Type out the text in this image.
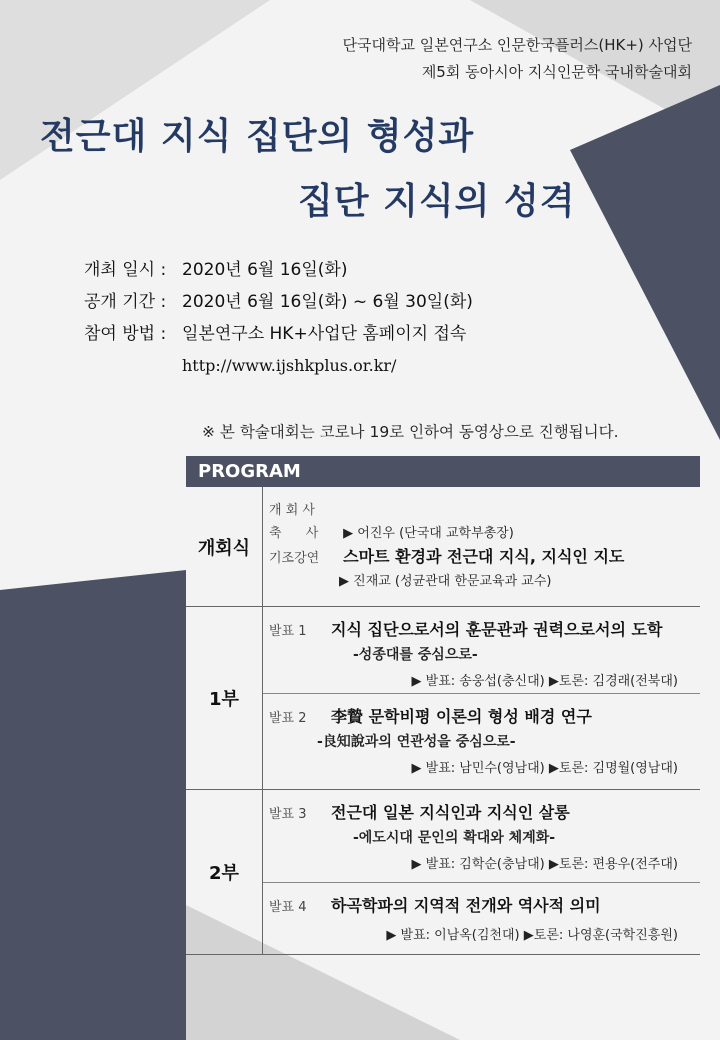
단국대학교 일본연구소 인문한국플러스(HK+) 사업단
제5회 동아시아 지식인문학 국내학술대회
전근대 지식 집단의 형성과
집단 지식의 성격
개최 일시 : 2020년 6월 16일(화)
공개 기간 : 2020년 6월 16일(화) ~ 6월 30일(화)
참여 방법 : 일본연구소 HK+사업단 홈페이지 접속
http://www.ijshkplus.or.kr/
※ 본 학술대회는 코로나 19로 인하여 동영상으로 진행됩니다.
PROGRAM
개회식
개 회 사
축 사 ▶ 어진우 (단국대 교학부총장)
기조강연 스마트 환경과 전근대 지식, 지식인 지도
▶ 진재교 (성균관대 한문교육과 교수)
1부
발표 1	지식 집단으로서의 훈문관과 권력으로서의 도학
-성종대를 중심으로-
▶ 발표: 송웅섭(충신대) ▶토론: 김경래(전북대)
발표 2	李贄 문학비평 이론의 형성 배경 연구
-良知說과의 연관성을 중심으로-
▶ 발표: 남민수(영남대) ▶토론: 김명월(영남대)
2부
발표 3	전근대 일본 지식인과 지식인 살롱
-에도시대 문인의 확대와 체계화-
▶ 발표: 김학순(충남대) ▶토론: 편용우(전주대)
발표 4	하곡학파의 지역적 전개와 역사적 의미
▶ 발표: 이남옥(김천대) ▶토론: 나영훈(국학진흥원)
